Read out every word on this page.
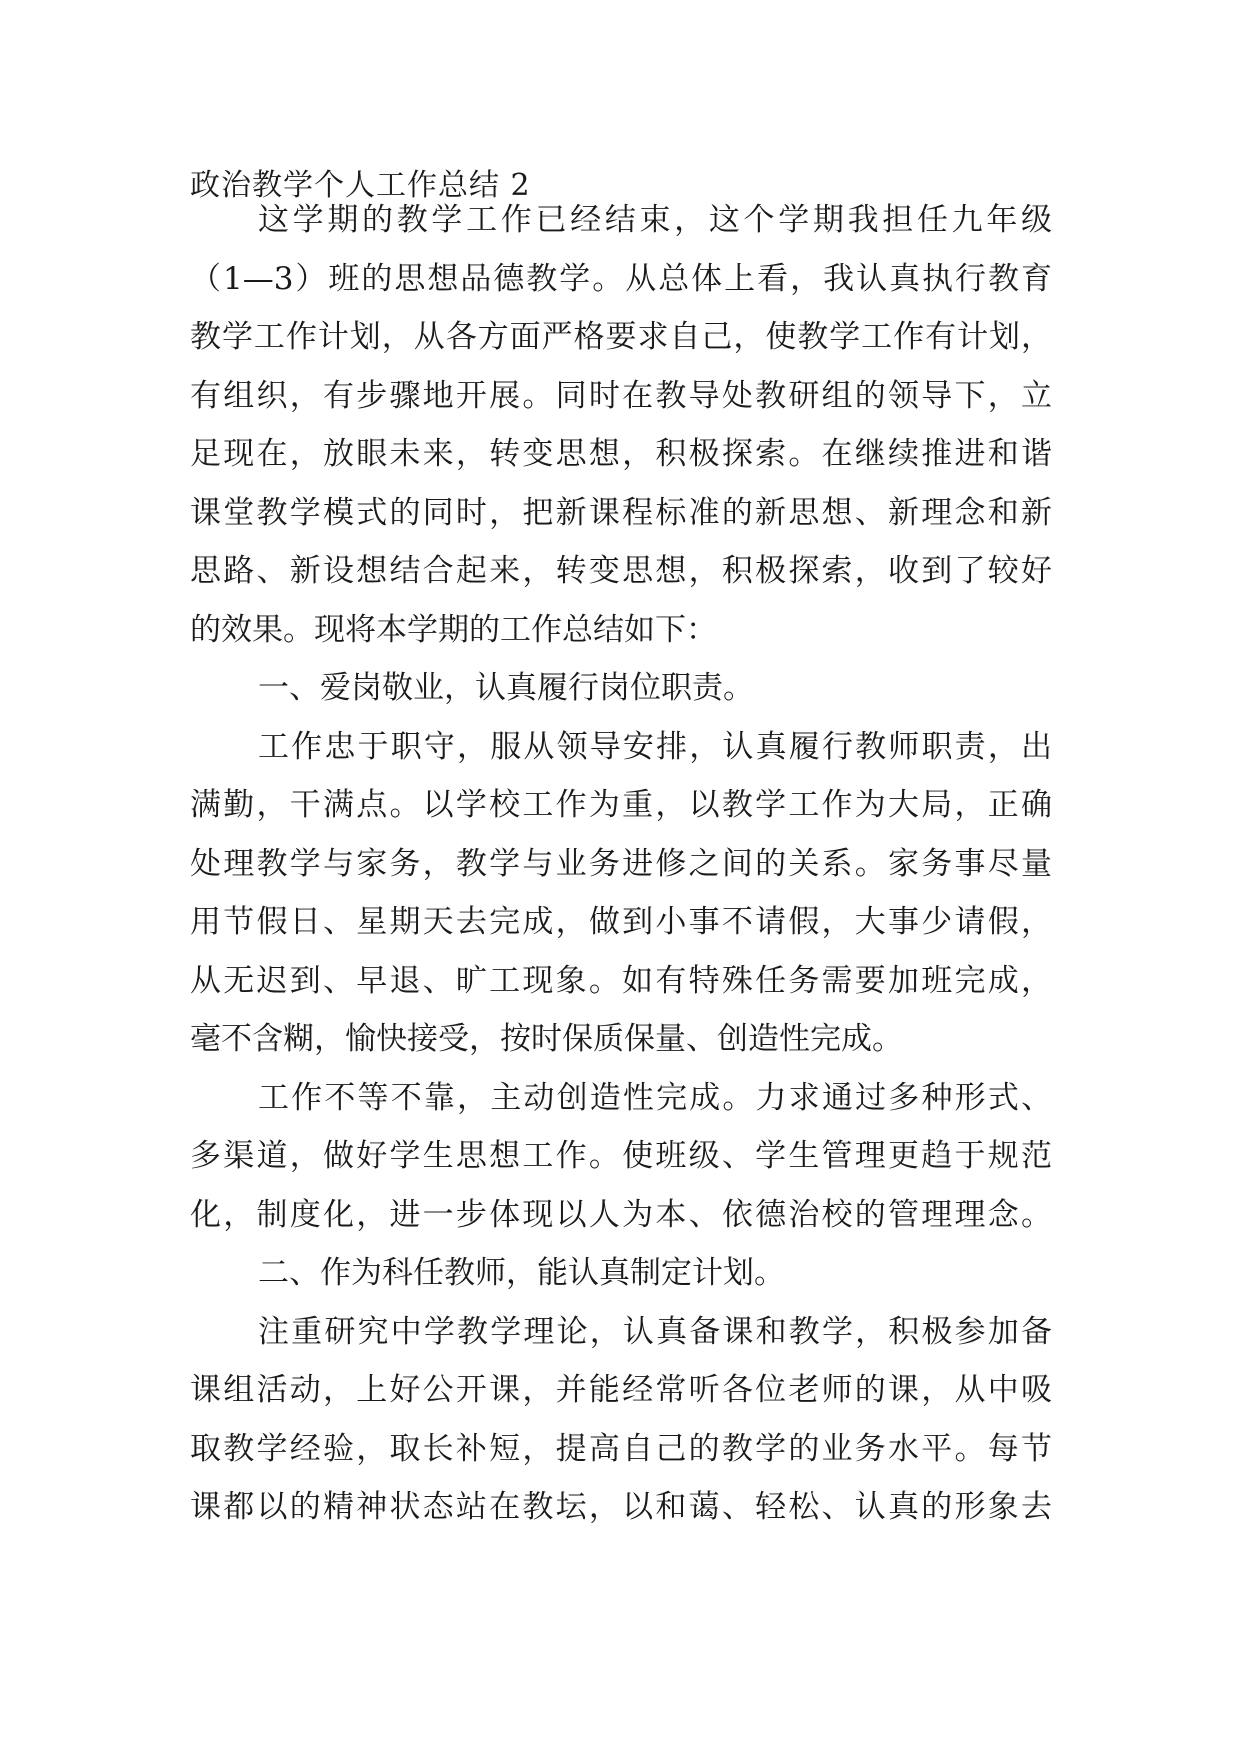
政治教学个人工作总结 2
这学期的教学工作已经结束，这个学期我担任九年级
（1—3）班的思想品德教学。从总体上看，我认真执行教育
教学工作计划，从各方面严格要求自己，使教学工作有计划，
有组织，有步骤地开展。同时在教导处教研组的领导下，立
足现在，放眼未来，转变思想，积极探索。在继续推进和谐
课堂教学模式的同时，把新课程标准的新思想、新理念和新
思路、新设想结合起来，转变思想，积极探索，收到了较好
的效果。现将本学期的工作总结如下：
一、爱岗敬业，认真履行岗位职责。
工作忠于职守，服从领导安排，认真履行教师职责，出
满勤，干满点。以学校工作为重，以教学工作为大局，正确
处理教学与家务，教学与业务进修之间的关系。家务事尽量
用节假日、星期天去完成，做到小事不请假，大事少请假，
从无迟到、早退、旷工现象。如有特殊任务需要加班完成，
毫不含糊，愉快接受，按时保质保量、创造性完成。
工作不等不靠，主动创造性完成。力求通过多种形式、
多渠道，做好学生思想工作。使班级、学生管理更趋于规范
化，制度化，进一步体现以人为本、依德治校的管理理念。
二、作为科任教师，能认真制定计划。
注重研究中学教学理论，认真备课和教学，积极参加备
课组活动，上好公开课，并能经常听各位老师的课，从中吸
取教学经验，取长补短，提高自己的教学的业务水平。每节
课都以的精神状态站在教坛，以和蔼、轻松、认真的形象去
